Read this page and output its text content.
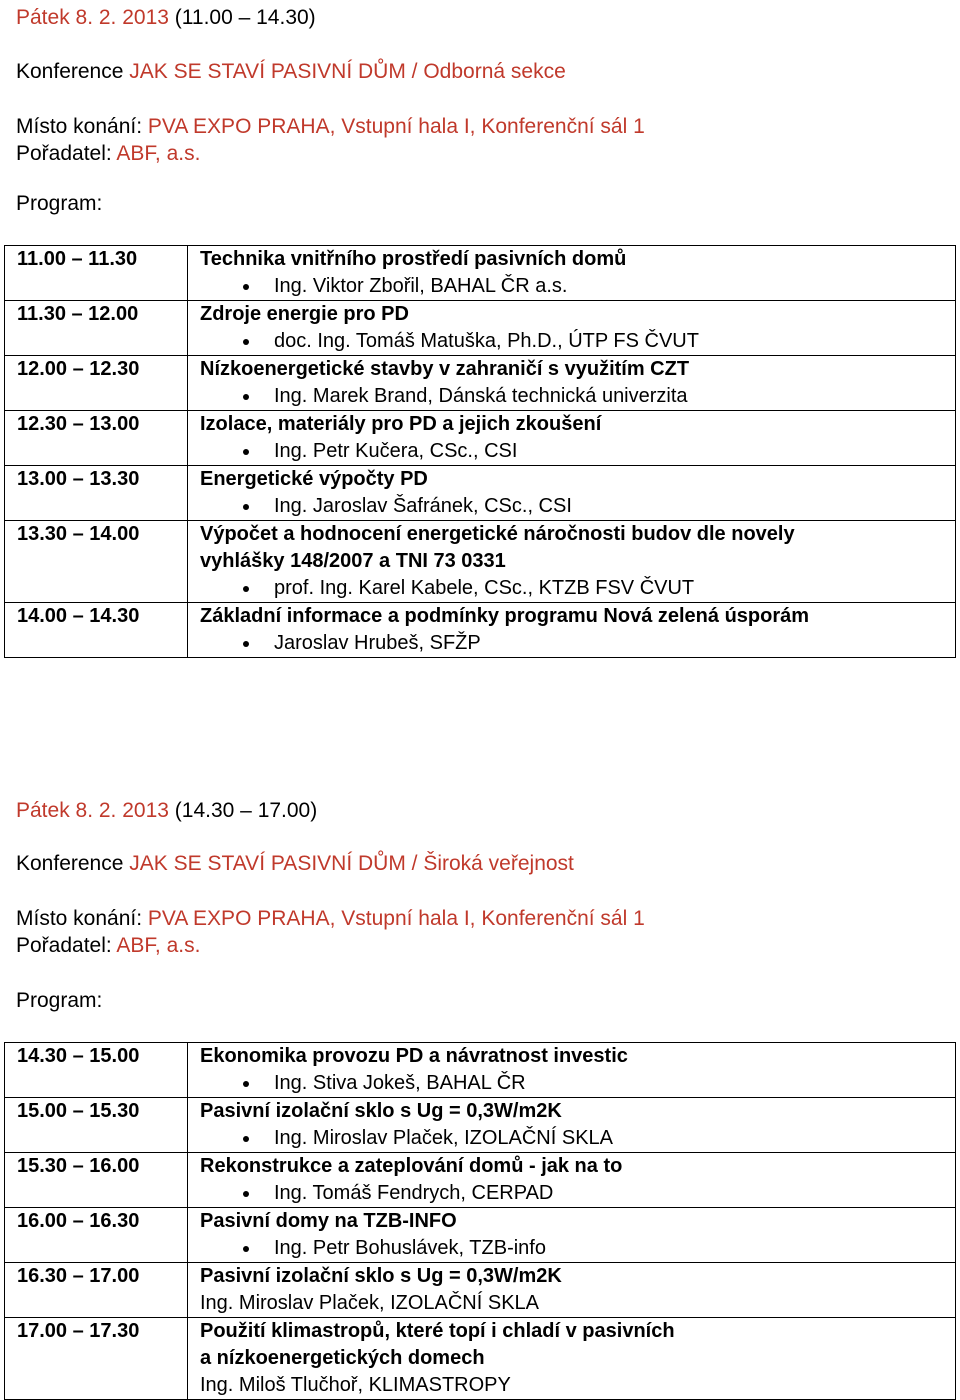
Pátek 8. 2. 2013 (11.00 – 14.30)
Konference JAK SE STAVÍ PASIVNÍ DŮM / Odborná sekce
Místo konání: PVA EXPO PRAHA, Vstupní hala I, Konferenční sál 1
Pořadatel: ABF, a.s.
Program:
11.00 – 11.30	Technika vnitřního prostředí pasivních domů
Ing. Viktor Zbořil, BAHAL ČR a.s.

11.30 – 12.00	Zdroje energie pro PD
doc. Ing. Tomáš Matuška, Ph.D., ÚTP FS ČVUT

12.00 – 12.30	Nízkoenergetické stavby v zahraničí s využitím CZT
Ing. Marek Brand, Dánská technická univerzita

12.30 – 13.00	Izolace, materiály pro PD a jejich zkoušení
Ing. Petr Kučera, CSc., CSI

13.00 – 13.30	Energetické výpočty PD
Ing. Jaroslav Šafránek, CSc., CSI

13.30 – 14.00	Výpočet a hodnocení energetické náročnosti budov dle novely
vyhlášky 148/2007 a TNI 73 0331
prof. Ing. Karel Kabele, CSc., KTZB FSV ČVUT

14.00 – 14.30	Základní informace a podmínky programu Nová zelená úsporám
Jaroslav Hrubeš, SFŽP
Pátek 8. 2. 2013 (14.30 – 17.00)
Konference JAK SE STAVÍ PASIVNÍ DŮM / Široká veřejnost
Místo konání: PVA EXPO PRAHA, Vstupní hala I, Konferenční sál 1
Pořadatel: ABF, a.s.
Program:
14.30 – 15.00	Ekonomika provozu PD a návratnost investic
Ing. Stiva Jokeš, BAHAL ČR

15.00 – 15.30	Pasivní izolační sklo s Ug = 0,3W/m2K
Ing. Miroslav Plaček, IZOLAČNÍ SKLA

15.30 – 16.00	Rekonstrukce a zateplování domů - jak na to
Ing. Tomáš Fendrych, CERPAD

16.00 – 16.30	Pasivní domy na TZB-INFO
Ing. Petr Bohuslávek, TZB-info

16.30 – 17.00	Pasivní izolační sklo s Ug = 0,3W/m2K
Ing. Miroslav Plaček, IZOLAČNÍ SKLA

17.00 – 17.30	Použití klimastropů, které topí i chladí v pasivních
a nízkoenergetických domech
Ing. Miloš Tlučhoř, KLIMASTROPY
